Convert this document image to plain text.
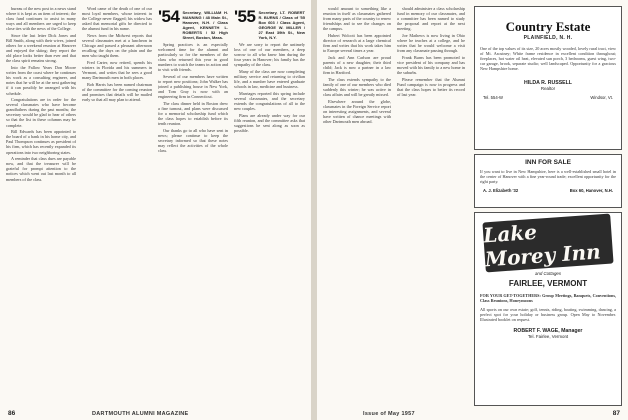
bureau of the new post in a news stand where it is kept as an item of interest; the class fund continues to assist in many ways and all members are urged to keep close ties with the news of the College.

Since the last letter Dick Jones and Bill Smith, along with their wives, joined others for a weekend reunion at Hanover and enjoyed the skiing; they report the old place looks better than ever and that the class spirit remains strong.

Into the Fallow Years Don Moore writes from the coast where he continues his work as a consulting engineer, and notes that he will be at the next gathering if it can possibly be arranged with his schedule.

Congratulations are in order for the several classmates who have become grandfathers during the past months; the secretary would be glad to hear of others so that the list in these columns may be complete.

Bill Edwards has been appointed to the board of a bank in his home city, and Paul Thompson continues as president of his firm, which has recently expanded its operations into two neighboring states.

A reminder that class dues are payable now, and that the treasurer will be grateful for prompt attention to the notices which went out last month to all members of the class.

Word came of the death of one of our most loyal members, whose interest in the College never flagged; his widow has asked that memorial gifts be directed to the alumni fund in his name.

News from the Midwest reports that several classmates met at a luncheon in Chicago and passed a pleasant afternoon recalling the days on the plain and the men who taught them.

Fred Carter, now retired, spends his winters in Florida and his summers in Vermont, and writes that he sees a good many Dartmouth men in both places.

Bob Harris has been named chairman of the committee for the coming reunion and promises that details will be mailed early so that all may plan to attend.

'54 Secretary, WILLIAM H. MANNING / 48 Main St., Hanover, N.H. / Class Agent, KENNETH L. ROBERTS / 52 High Street, Boston, Mass.

Spring practices is an especially welcomed time for the alumni and particularly so for the members of the class who returned this year in good numbers to watch the teams in action and to visit with friends.

Several of our members have written to report new positions; John Walker has joined a publishing house in New York, and Tom Gray is now with an engineering firm in Connecticut.

The class dinner held in Boston drew a fine turnout, and plans were discussed for a memorial scholarship fund which the class hopes to establish before its tenth reunion.

Our thanks go to all who have sent in news; please continue to keep the secretary informed so that these notes may reflect the activities of the whole class.

'55 Secretary, LT. ROBERT R. BURNS / Class of '55 Box 603 / Class Agent, GEORGE W. MILLER / 27 East 39th St., New York, N.Y.

We are sorry to report the untimely loss of one of our members, a deep sorrow to all who knew him during the four years in Hanover; his family has the sympathy of the class.

Many of the class are now completing military service and returning to civilian life, and a number have entered graduate schools in law, medicine and business.

Marriages reported this spring include several classmates, and the secretary extends the congratulations of all to the new couples.

Plans are already under way for our fifth reunion, and the committee asks that suggestions be sent along as soon as possible.

86	DARTMOUTH ALUMNI MAGAZINE

would amount to something like a reunion in itself as classmates gathered from many parts of the country to renew friendships and to see the changes on the campus.

Hubert Wolcott has been appointed director of research at a large chemical firm and writes that his work takes him to Europe several times a year.

Jack and Ann Carlson are proud parents of a new daughter, their third child; Jack is now a partner in a law firm in Hartford.

The class extends sympathy to the family of one of our members who died suddenly this winter; he was active in class affairs and will be greatly missed.

Elsewhere around the globe, classmates in the Foreign Service report on interesting assignments, and several have written of chance meetings with other Dartmouth men abroad.

should administer a class scholarship fund in memory of our classmates, and a committee has been named to study the proposal and report at the next meeting.

Joe Mathews is now living in Ohio where he teaches at a college, and he writes that he would welcome a visit from any classmate passing through.

Frank Burns has been promoted to vice president of his company and has moved with his family to a new home in the suburbs.

Please remember that the Alumni Fund campaign is now in progress and that the class hopes to better its record of last year.

Country Estate
PLAINFIELD, N. H.
One of the top values of its size, 20 acres mostly wooded, lovely rural tract, view of Mt. Ascutney; White frame residence in excellent condition throughout; fireplaces, hot water oil heat, elevated sun porch, 3 bedrooms, guest wing, two-car garage, brook, separate studio; well landscaped. Opportunity for a gracious New Hampshire home.
HILDA R. RUSSELL
Realtor
Tel. 554-W	Windsor, Vt.
INN FOR SALE
If you want to live in New Hampshire, here is a well-established small hotel in the center of Hanover with a fine year-round trade; excellent opportunity for the right party.
A. J. Elizabeth '32	Box 60, Hanover, N.H.
Lake Morey Inn
and Cottages
FAIRLEE, VERMONT
FOR YOUR GET-TOGETHERS: Group Meetings, Banquets, Conventions, Class Reunions, Honeymoons
All sports on our own estate; golf, tennis, riding, boating, swimming, dancing, a perfect spot for your holiday or business group. Open May to November. Illustrated booklet on request.
ROBERT F. WAGE, Manager
Tel. Fairlee, Vermont
Issue of May 1957	87
